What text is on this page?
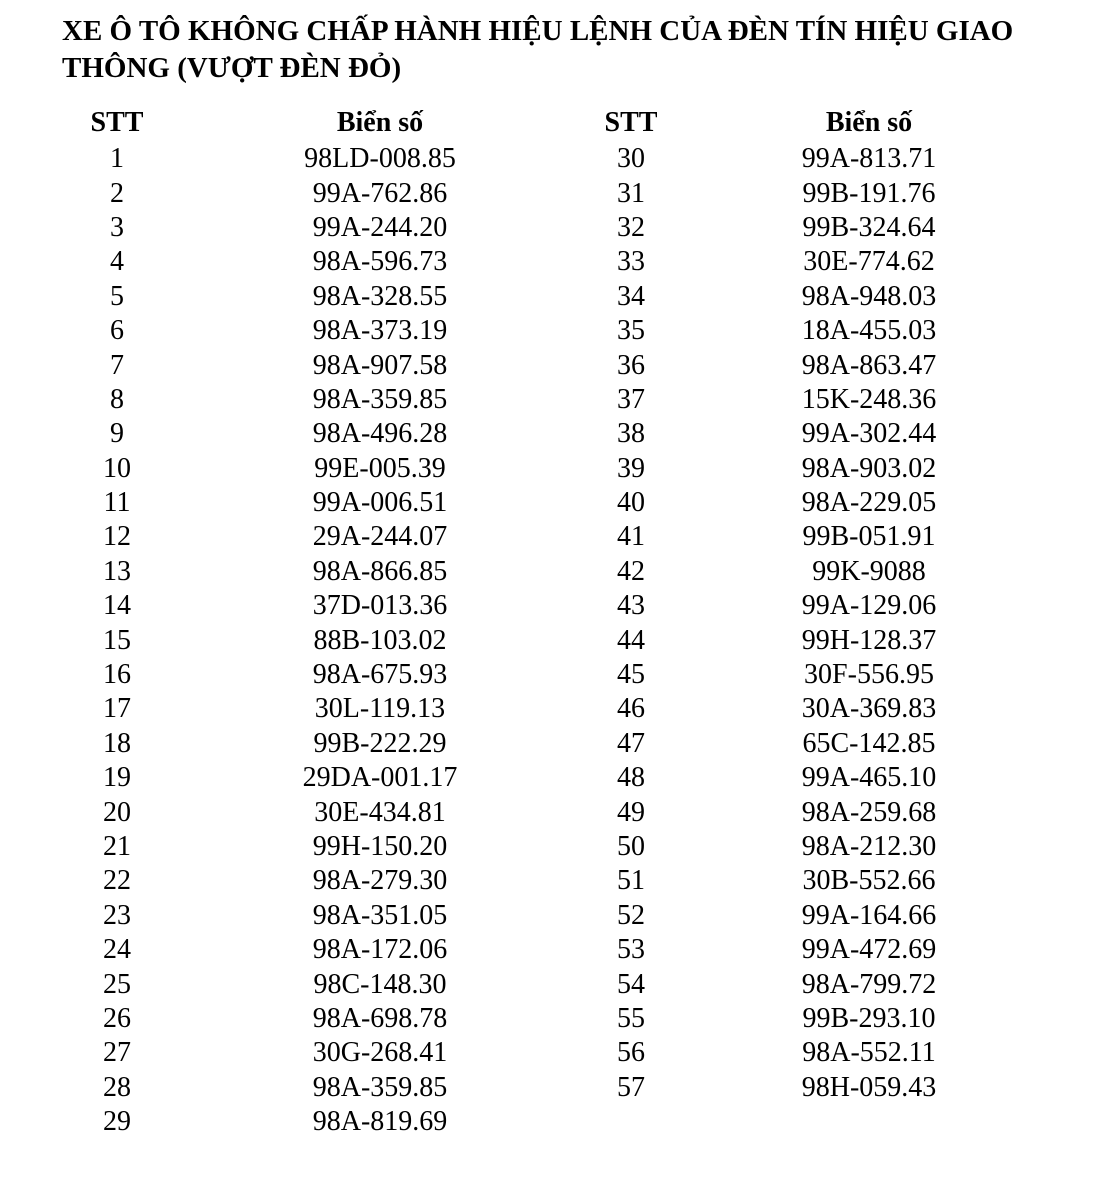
XE Ô TÔ KHÔNG CHẤP HÀNH HIỆU LỆNH CỦA ĐÈN TÍN HIỆU GIAO THÔNG (VƯỢT ĐÈN ĐỎ)
STT	Biển số
1	98LD-008.85
2	99A-762.86
3	99A-244.20
4	98A-596.73
5	98A-328.55
6	98A-373.19
7	98A-907.58
8	98A-359.85
9	98A-496.28
10	99E-005.39
11	99A-006.51
12	29A-244.07
13	98A-866.85
14	37D-013.36
15	88B-103.02
16	98A-675.93
17	30L-119.13
18	99B-222.29
19	29DA-001.17
20	30E-434.81
21	99H-150.20
22	98A-279.30
23	98A-351.05
24	98A-172.06
25	98C-148.30
26	98A-698.78
27	30G-268.41
28	98A-359.85
29	98A-819.69
STT	Biển số
30	99A-813.71
31	99B-191.76
32	99B-324.64
33	30E-774.62
34	98A-948.03
35	18A-455.03
36	98A-863.47
37	15K-248.36
38	99A-302.44
39	98A-903.02
40	98A-229.05
41	99B-051.91
42	99K-9088
43	99A-129.06
44	99H-128.37
45	30F-556.95
46	30A-369.83
47	65C-142.85
48	99A-465.10
49	98A-259.68
50	98A-212.30
51	30B-552.66
52	99A-164.66
53	99A-472.69
54	98A-799.72
55	99B-293.10
56	98A-552.11
57	98H-059.43
